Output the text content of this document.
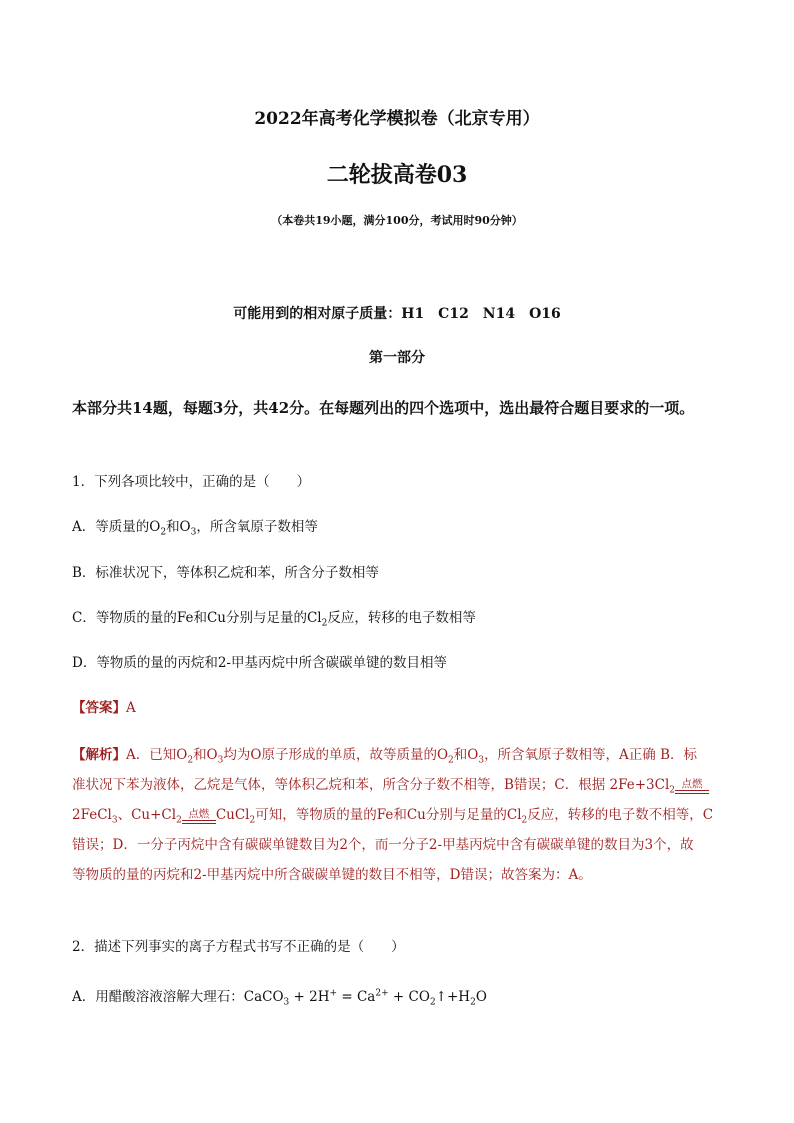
2022年高考化学模拟卷（北京专用）

二轮拔高卷03

（本卷共19小题，满分100分，考试用时90分钟）

可能用到的相对原子质量：H1　C12　N14　O16

第一部分

本部分共14题，每题3分，共42分。在每题列出的四个选项中，选出最符合题目要求的一项。

1．下列各项比较中，正确的是（　　）

A．等质量的$O_2$和$O_3$，所含氧原子数相等

B．标准状况下，等体积乙烷和苯，所含分子数相等

C．等物质的量的Fe和Cu分别与足量的$Cl_2$反应，转移的电子数相等

D．等物质的量的丙烷和2-甲基丙烷中所含碳碳单键的数目相等

【答案】A

【解析】A．已知$O_2$和$O_3$均为O原子形成的单质，故等质量的$O_2$和$O_3$，所含氧原子数相等，A正确 B．标

准状况下苯为液体，乙烷是气体，等体积乙烷和苯，所含分子数不相等，B错误；C．根据 $2Fe+3Cl_2$
点燃

2FeCl$_3$、$Cu+Cl_2$
点燃 CuCl$_2$可知，等物质的量的Fe和Cu分别与足量的$Cl_2$反应，转移的电子数不相等，C

错误；D．一分子丙烷中含有碳碳单键数目为2个，而一分子2-甲基丙烷中含有碳碳单键的数目为3个，故

等物质的量的丙烷和2-甲基丙烷中所含碳碳单键的数目不相等，D错误；故答案为：A。

2．描述下列事实的离子方程式书写不正确的是（　　）

A．用醋酸溶液溶解大理石：CaCO$_3$ + $2H^+ = Ca^{2+}$ + $CO_2↑+H_2O$
